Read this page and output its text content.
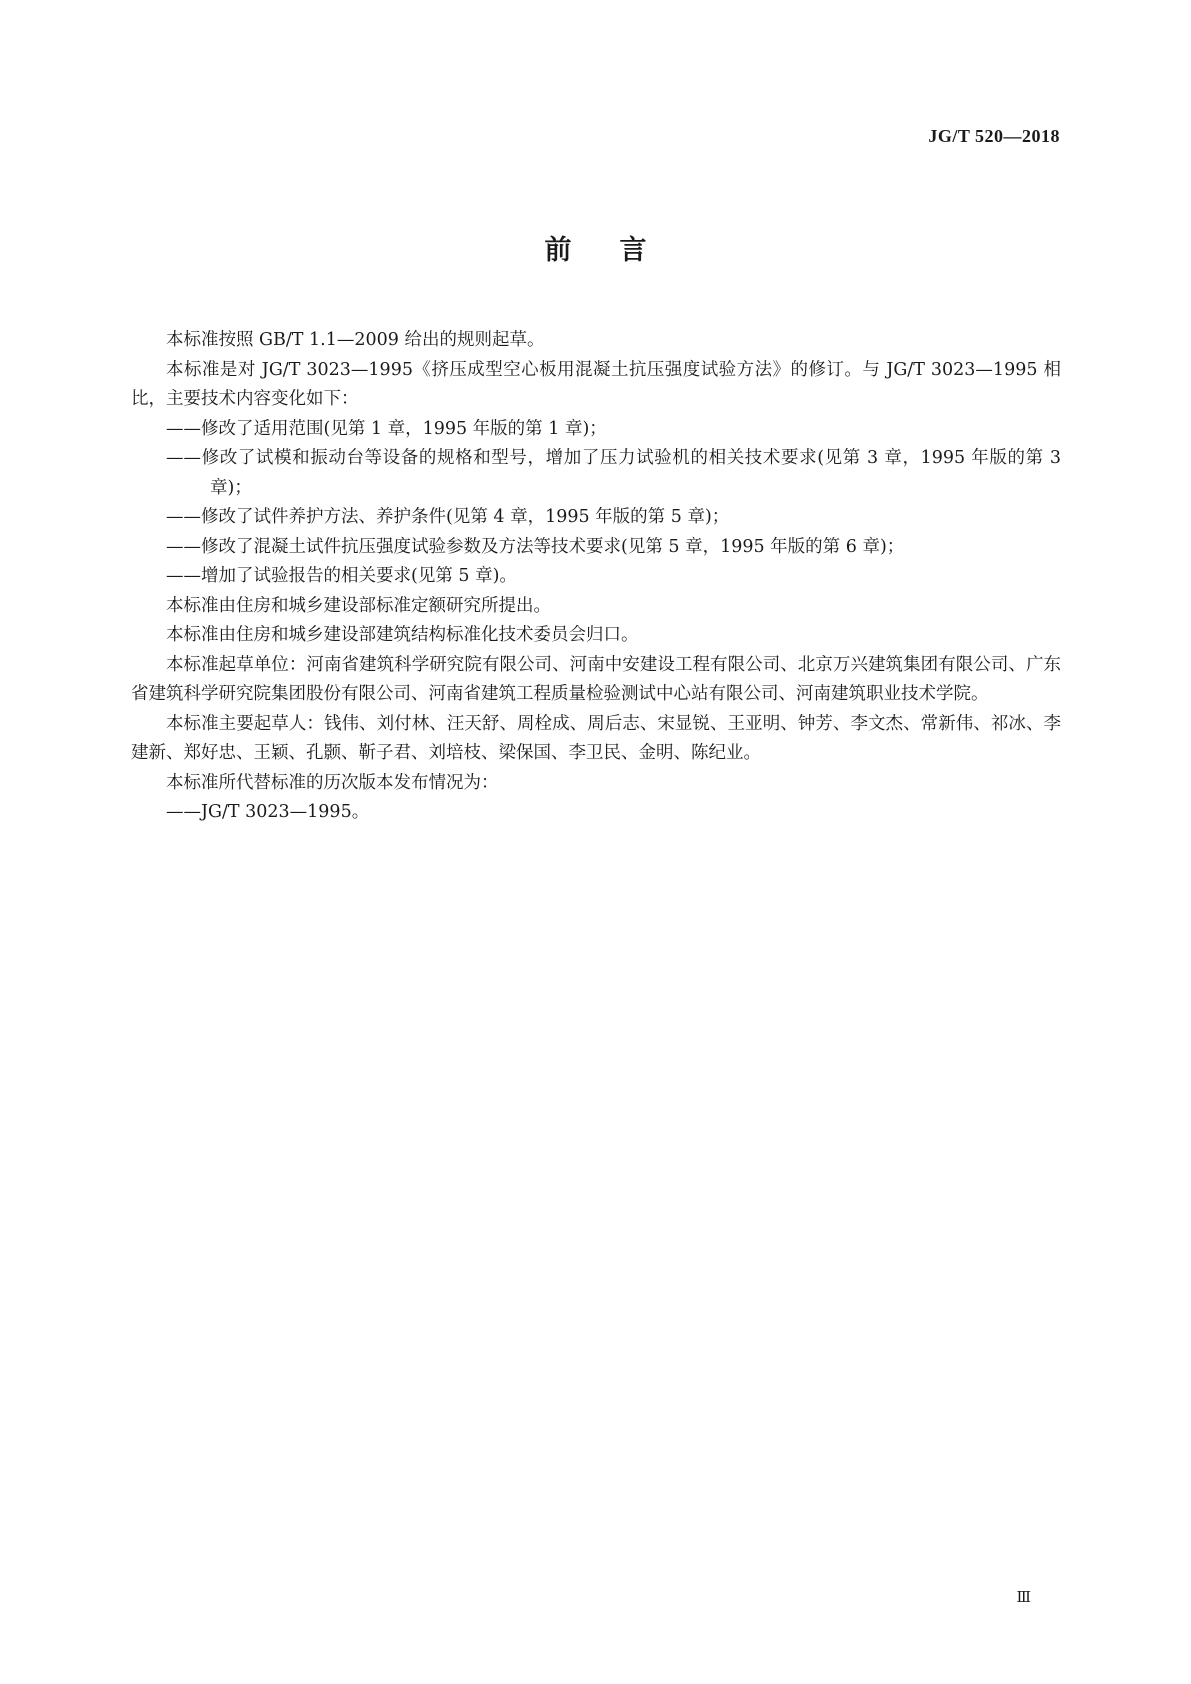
JG/T 520—2018
前言

本标准按照 GB/T 1.1—2009 给出的规则起草。

本标准是对 JG/T 3023—1995《挤压成型空心板用混凝土抗压强度试验方法》的修订。与 JG/T 3023—1995 相比，主要技术内容变化如下：

——修改了适用范围(见第 1 章，1995 年版的第 1 章)；

——修改了试模和振动台等设备的规格和型号，增加了压力试验机的相关技术要求(见第 3 章，1995 年版的第 3 章)；

——修改了试件养护方法、养护条件(见第 4 章，1995 年版的第 5 章)；

——修改了混凝土试件抗压强度试验参数及方法等技术要求(见第 5 章，1995 年版的第 6 章)；

——增加了试验报告的相关要求(见第 5 章)。

本标准由住房和城乡建设部标准定额研究所提出。

本标准由住房和城乡建设部建筑结构标准化技术委员会归口。

本标准起草单位：河南省建筑科学研究院有限公司、河南中安建设工程有限公司、北京万兴建筑集团有限公司、广东省建筑科学研究院集团股份有限公司、河南省建筑工程质量检验测试中心站有限公司、河南建筑职业技术学院。

本标准主要起草人：钱伟、刘付林、汪天舒、周栓成、周后志、宋显锐、王亚明、钟芳、李文杰、常新伟、祁冰、李建新、郑好忠、王颖、孔颢、靳子君、刘培枝、梁保国、李卫民、金明、陈纪业。

本标准所代替标准的历次版本发布情况为：

——JG/T 3023—1995。

Ⅲ
